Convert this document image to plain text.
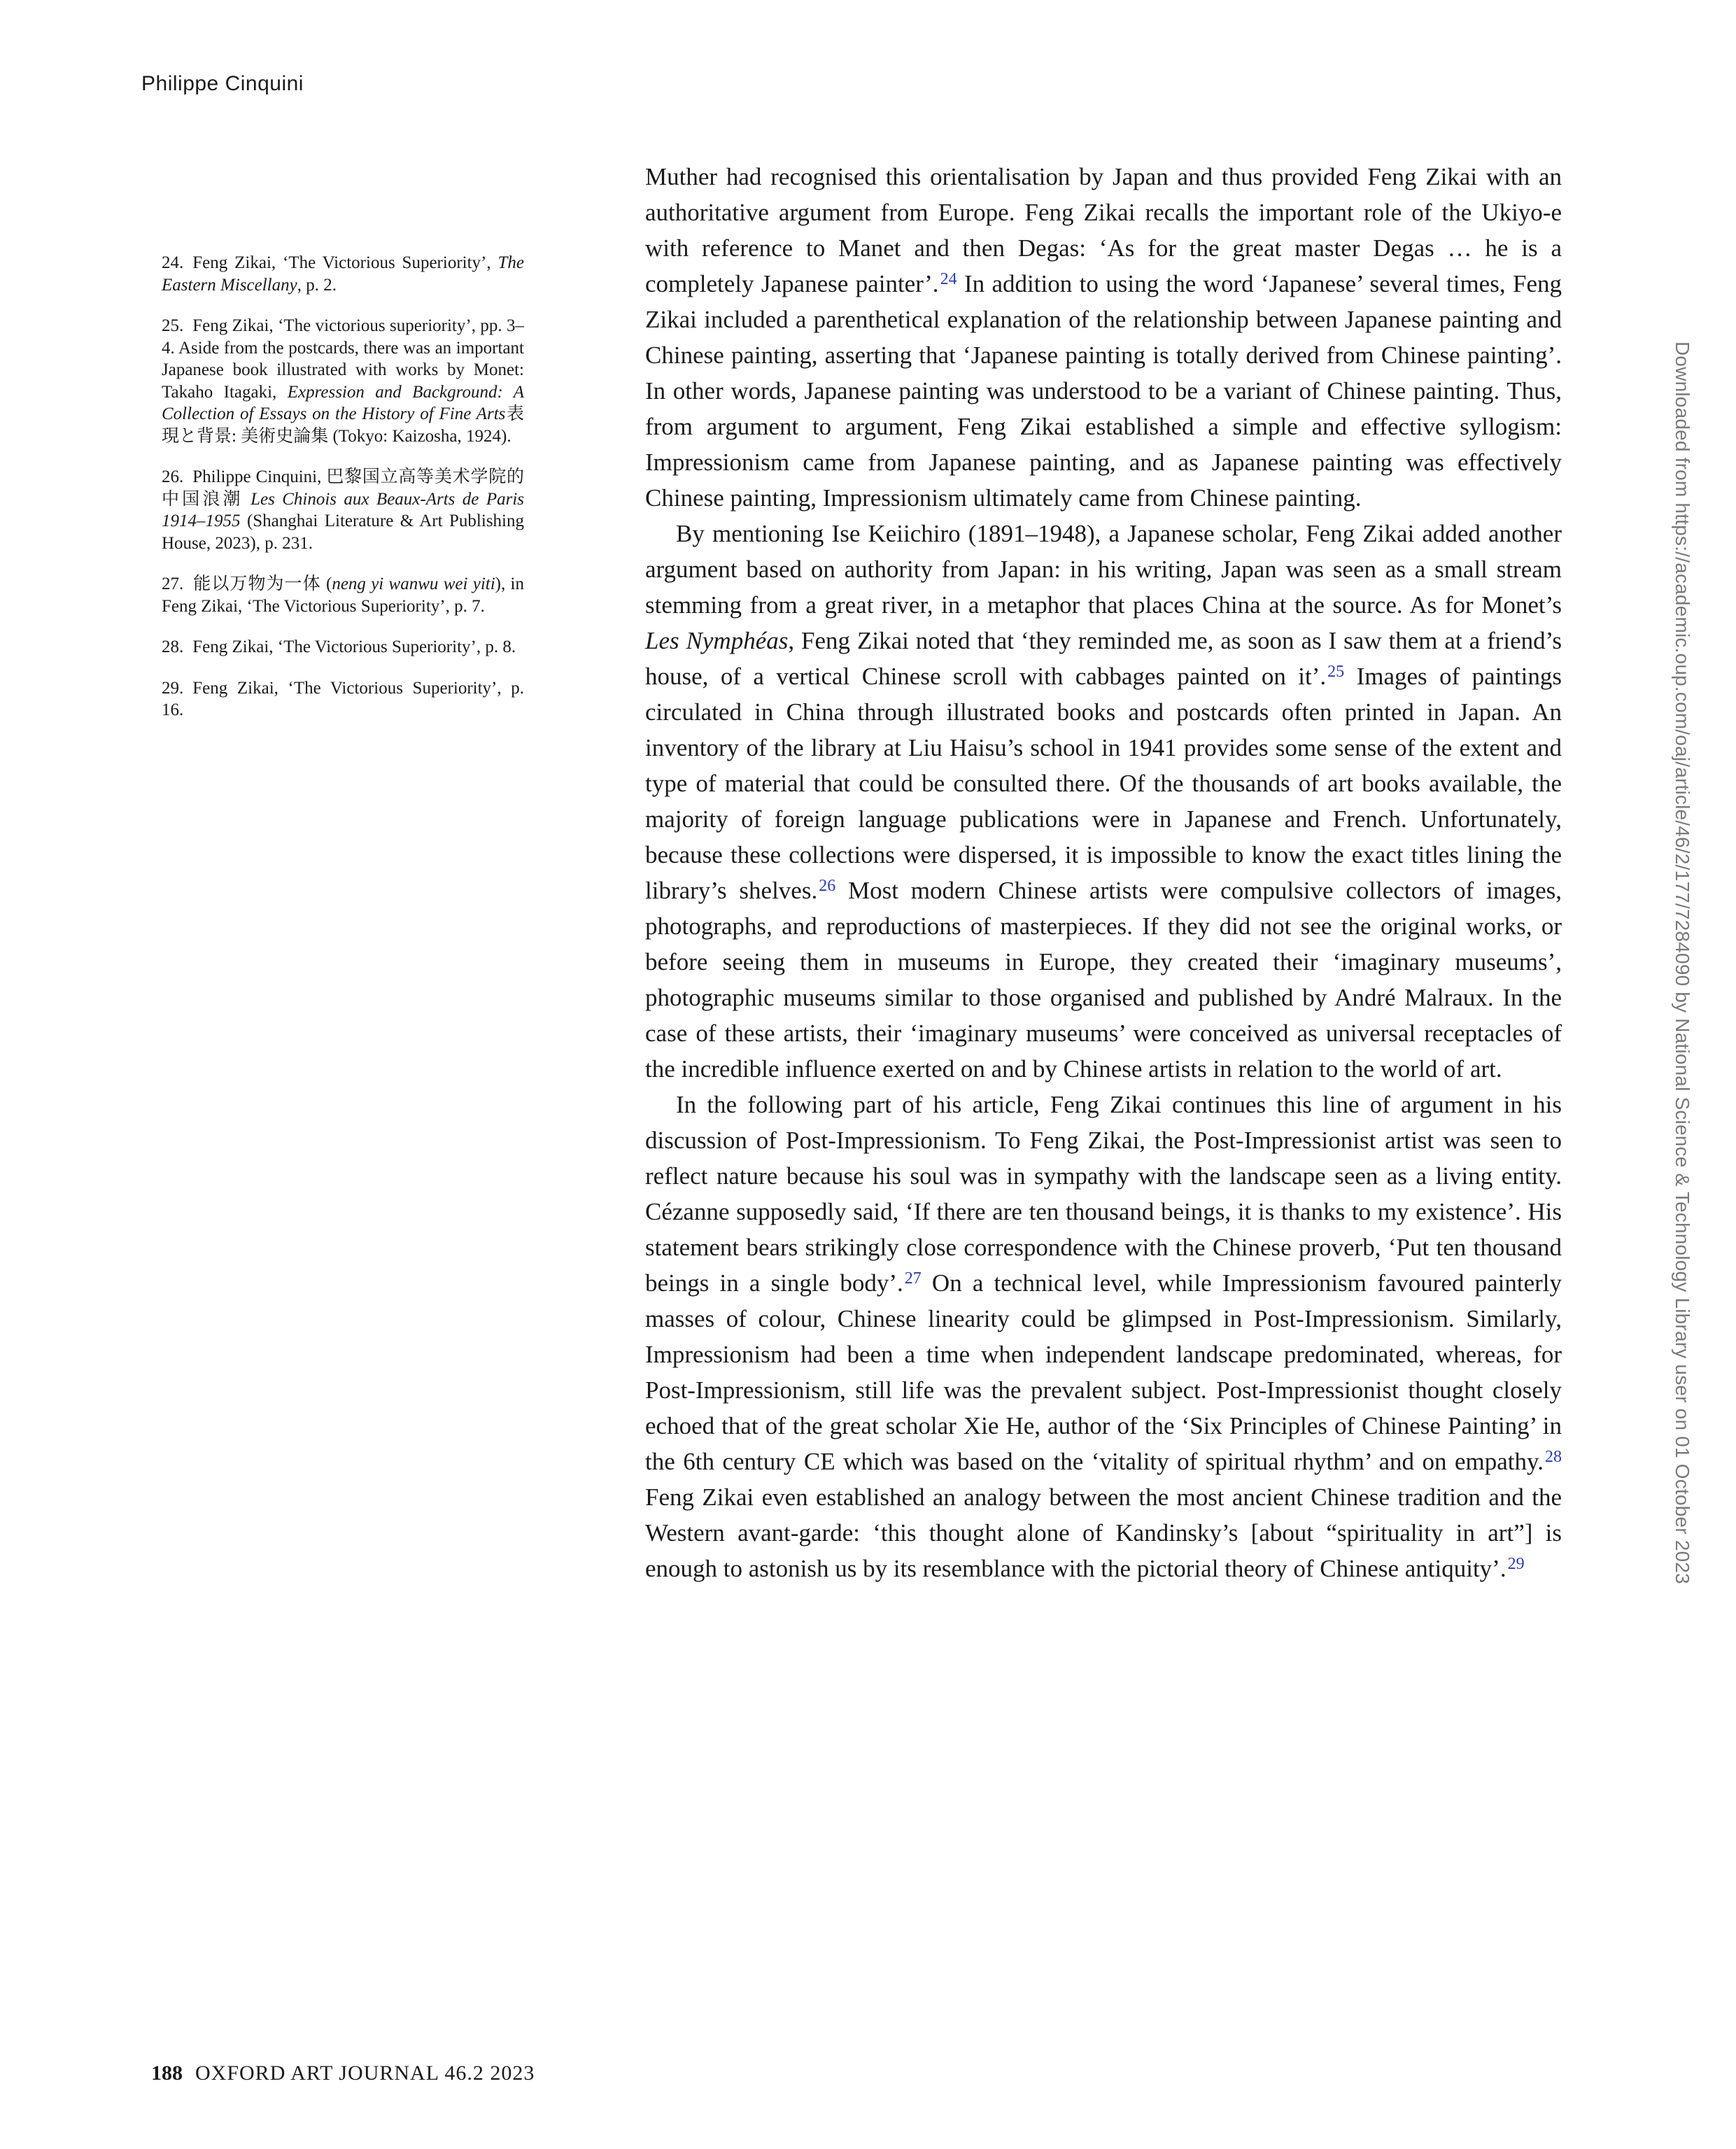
Philippe Cinquini

24. Feng Zikai, ‘The Victorious Superiority’, The Eastern Miscellany, p. 2.

25. Feng Zikai, ‘The victorious superiority’, pp. 3–4. Aside from the postcards, there was an important Japanese book illustrated with works by Monet: Takaho Itagaki, Expression and Background: A Collection of Essays on the History of Fine Arts表現と背景: 美術史論集 (Tokyo: Kaizosha, 1924).

26. Philippe Cinquini, 巴黎国立高等美术学院的中国浪潮 Les Chinois aux Beaux-Arts de Paris 1914–1955 (Shanghai Literature & Art Publishing House, 2023), p. 231.

27. 能以万物为一体 (neng yi wanwu wei yiti), in Feng Zikai, ‘The Victorious Superiority’, p. 7.

28. Feng Zikai, ‘The Victorious Superiority’, p. 8.

29. Feng Zikai, ‘The Victorious Superiority’, p. 16.

Muther had recognised this orientalisation by Japan and thus provided Feng Zikai with an authoritative argument from Europe. Feng Zikai recalls the important role of the Ukiyo-e with reference to Manet and then Degas: ‘As for the great master Degas … he is a completely Japanese painter’.$^{24}$ In addition to using the word ‘Japanese’ several times, Feng Zikai included a parenthetical explanation of the relationship between Japanese painting and Chinese painting, asserting that ‘Japanese painting is totally derived from Chinese painting’. In other words, Japanese painting was understood to be a variant of Chinese painting. Thus, from argument to argument, Feng Zikai established a simple and effective syllogism: Impressionism came from Japanese painting, and as Japanese painting was effectively Chinese painting, Impressionism ultimately came from Chinese painting.

By mentioning Ise Keiichiro (1891–1948), a Japanese scholar, Feng Zikai added another argument based on authority from Japan: in his writing, Japan was seen as a small stream stemming from a great river, in a metaphor that places China at the source. As for Monet’s Les Nymphéas, Feng Zikai noted that ‘they reminded me, as soon as I saw them at a friend’s house, of a vertical Chinese scroll with cabbages painted on it’.$^{25}$ Images of paintings circulated in China through illustrated books and postcards often printed in Japan. An inventory of the library at Liu Haisu’s school in 1941 provides some sense of the extent and type of material that could be consulted there. Of the thousands of art books available, the majority of foreign language publications were in Japanese and French. Unfortunately, because these collections were dispersed, it is impossible to know the exact titles lining the library’s shelves.$^{26}$ Most modern Chinese artists were compulsive collectors of images, photographs, and reproductions of masterpieces. If they did not see the original works, or before seeing them in museums in Europe, they created their ‘imaginary museums’, photographic museums similar to those organised and published by André Malraux. In the case of these artists, their ‘imaginary museums’ were conceived as universal receptacles of the incredible influence exerted on and by Chinese artists in relation to the world of art.

In the following part of his article, Feng Zikai continues this line of argument in his discussion of Post-Impressionism. To Feng Zikai, the Post-Impressionist artist was seen to reflect nature because his soul was in sympathy with the landscape seen as a living entity. Cézanne supposedly said, ‘If there are ten thousand beings, it is thanks to my existence’. His statement bears strikingly close correspondence with the Chinese proverb, ‘Put ten thousand beings in a single body’.$^{27}$ On a technical level, while Impressionism favoured painterly masses of colour, Chinese linearity could be glimpsed in Post-Impressionism. Similarly, Impressionism had been a time when independent landscape predominated, whereas, for Post-Impressionism, still life was the prevalent subject. Post-Impressionist thought closely echoed that of the great scholar Xie He, author of the ‘Six Principles of Chinese Painting’ in the 6th century CE which was based on the ‘vitality of spiritual rhythm’ and on empathy.$^{28}$ Feng Zikai even established an analogy between the most ancient Chinese tradition and the Western avant-garde: ‘this thought alone of Kandinsky’s [about “spirituality in art”] is enough to astonish us by its resemblance with the pictorial theory of Chinese antiquity’.$^{29}$	Downloaded from https://academic.oup.com/oaj/article/46/2/177/7284090 by National Science & Technology Library user on 01 October 2023
188 OXFORD ART JOURNAL 46.2 2023
